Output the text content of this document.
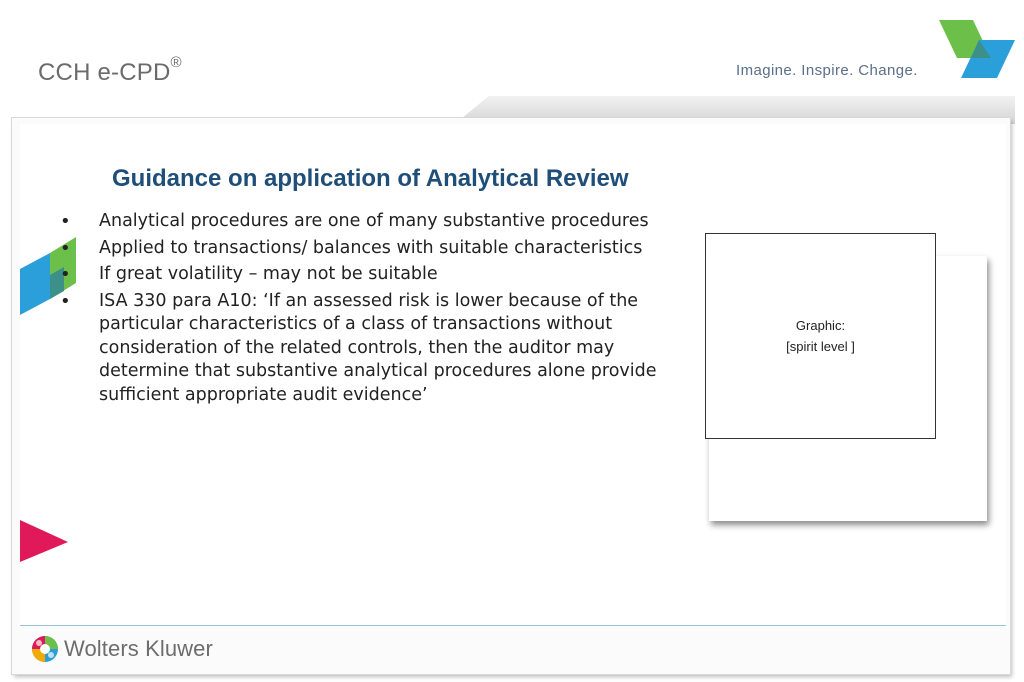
CCH e-CPD®	Imagine. Inspire. Change.
Guidance on application of Analytical Review
• Analytical procedures are one of many substantive procedures
• Applied to transactions/ balances with suitable characteristics
• If great volatility – may not be suitable
• ISA 330 para A10: ‘If an assessed risk is lower because of the particular characteristics of a class of transactions without consideration of the related controls, then the auditor may determine that substantive analytical procedures alone provide sufficient appropriate audit evidence’
Graphic:
[spirit level ]
Wolters Kluwer
